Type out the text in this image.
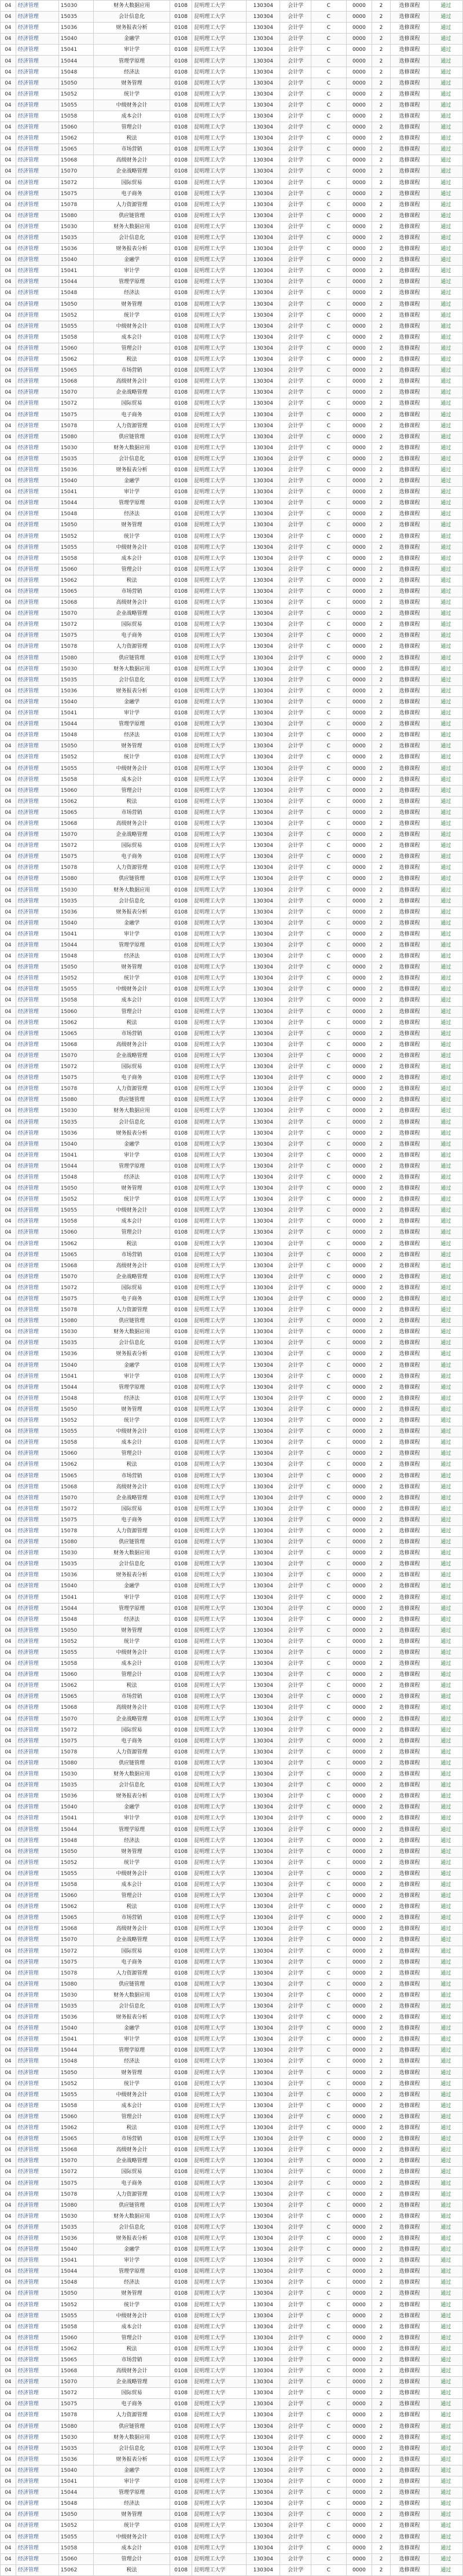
04	经济管理	15030	财务大数据应用	0108	昆明理工大学	130304	会计学	C	0000	2	选修课程	通过
04	经济管理	15035	会计信息化	0108	昆明理工大学	130304	会计学	C	0000	2	选修课程	通过
04	经济管理	15036	财务报表分析	0108	昆明理工大学	130304	会计学	C	0000	2	选修课程	通过
04	经济管理	15040	金融学	0108	昆明理工大学	130304	会计学	C	0000	2	选修课程	通过
04	经济管理	15041	审计学	0108	昆明理工大学	130304	会计学	C	0000	2	选修课程	通过
04	经济管理	15044	管理学原理	0108	昆明理工大学	130304	会计学	C	0000	2	选修课程	通过
04	经济管理	15048	经济法	0108	昆明理工大学	130304	会计学	C	0000	2	选修课程	通过
04	经济管理	15050	财务管理	0108	昆明理工大学	130304	会计学	C	0000	2	选修课程	通过
04	经济管理	15052	统计学	0108	昆明理工大学	130304	会计学	C	0000	2	选修课程	通过
04	经济管理	15055	中级财务会计	0108	昆明理工大学	130304	会计学	C	0000	2	选修课程	通过
04	经济管理	15058	成本会计	0108	昆明理工大学	130304	会计学	C	0000	2	选修课程	通过
04	经济管理	15060	管理会计	0108	昆明理工大学	130304	会计学	C	0000	2	选修课程	通过
04	经济管理	15062	税法	0108	昆明理工大学	130304	会计学	C	0000	2	选修课程	通过
04	经济管理	15065	市场营销	0108	昆明理工大学	130304	会计学	C	0000	2	选修课程	通过
04	经济管理	15068	高级财务会计	0108	昆明理工大学	130304	会计学	C	0000	2	选修课程	通过
04	经济管理	15070	企业战略管理	0108	昆明理工大学	130304	会计学	C	0000	2	选修课程	通过
04	经济管理	15072	国际贸易	0108	昆明理工大学	130304	会计学	C	0000	2	选修课程	通过
04	经济管理	15075	电子商务	0108	昆明理工大学	130304	会计学	C	0000	2	选修课程	通过
04	经济管理	15078	人力资源管理	0108	昆明理工大学	130304	会计学	C	0000	2	选修课程	通过
04	经济管理	15080	供应链管理	0108	昆明理工大学	130304	会计学	C	0000	2	选修课程	通过
04	经济管理	15030	财务大数据应用	0108	昆明理工大学	130304	会计学	C	0000	2	选修课程	通过
04	经济管理	15035	会计信息化	0108	昆明理工大学	130304	会计学	C	0000	2	选修课程	通过
04	经济管理	15036	财务报表分析	0108	昆明理工大学	130304	会计学	C	0000	2	选修课程	通过
04	经济管理	15040	金融学	0108	昆明理工大学	130304	会计学	C	0000	2	选修课程	通过
04	经济管理	15041	审计学	0108	昆明理工大学	130304	会计学	C	0000	2	选修课程	通过
04	经济管理	15044	管理学原理	0108	昆明理工大学	130304	会计学	C	0000	2	选修课程	通过
04	经济管理	15048	经济法	0108	昆明理工大学	130304	会计学	C	0000	2	选修课程	通过
04	经济管理	15050	财务管理	0108	昆明理工大学	130304	会计学	C	0000	2	选修课程	通过
04	经济管理	15052	统计学	0108	昆明理工大学	130304	会计学	C	0000	2	选修课程	通过
04	经济管理	15055	中级财务会计	0108	昆明理工大学	130304	会计学	C	0000	2	选修课程	通过
04	经济管理	15058	成本会计	0108	昆明理工大学	130304	会计学	C	0000	2	选修课程	通过
04	经济管理	15060	管理会计	0108	昆明理工大学	130304	会计学	C	0000	2	选修课程	通过
04	经济管理	15062	税法	0108	昆明理工大学	130304	会计学	C	0000	2	选修课程	通过
04	经济管理	15065	市场营销	0108	昆明理工大学	130304	会计学	C	0000	2	选修课程	通过
04	经济管理	15068	高级财务会计	0108	昆明理工大学	130304	会计学	C	0000	2	选修课程	通过
04	经济管理	15070	企业战略管理	0108	昆明理工大学	130304	会计学	C	0000	2	选修课程	通过
04	经济管理	15072	国际贸易	0108	昆明理工大学	130304	会计学	C	0000	2	选修课程	通过
04	经济管理	15075	电子商务	0108	昆明理工大学	130304	会计学	C	0000	2	选修课程	通过
04	经济管理	15078	人力资源管理	0108	昆明理工大学	130304	会计学	C	0000	2	选修课程	通过
04	经济管理	15080	供应链管理	0108	昆明理工大学	130304	会计学	C	0000	2	选修课程	通过
04	经济管理	15030	财务大数据应用	0108	昆明理工大学	130304	会计学	C	0000	2	选修课程	通过
04	经济管理	15035	会计信息化	0108	昆明理工大学	130304	会计学	C	0000	2	选修课程	通过
04	经济管理	15036	财务报表分析	0108	昆明理工大学	130304	会计学	C	0000	2	选修课程	通过
04	经济管理	15040	金融学	0108	昆明理工大学	130304	会计学	C	0000	2	选修课程	通过
04	经济管理	15041	审计学	0108	昆明理工大学	130304	会计学	C	0000	2	选修课程	通过
04	经济管理	15044	管理学原理	0108	昆明理工大学	130304	会计学	C	0000	2	选修课程	通过
04	经济管理	15048	经济法	0108	昆明理工大学	130304	会计学	C	0000	2	选修课程	通过
04	经济管理	15050	财务管理	0108	昆明理工大学	130304	会计学	C	0000	2	选修课程	通过
04	经济管理	15052	统计学	0108	昆明理工大学	130304	会计学	C	0000	2	选修课程	通过
04	经济管理	15055	中级财务会计	0108	昆明理工大学	130304	会计学	C	0000	2	选修课程	通过
04	经济管理	15058	成本会计	0108	昆明理工大学	130304	会计学	C	0000	2	选修课程	通过
04	经济管理	15060	管理会计	0108	昆明理工大学	130304	会计学	C	0000	2	选修课程	通过
04	经济管理	15062	税法	0108	昆明理工大学	130304	会计学	C	0000	2	选修课程	通过
04	经济管理	15065	市场营销	0108	昆明理工大学	130304	会计学	C	0000	2	选修课程	通过
04	经济管理	15068	高级财务会计	0108	昆明理工大学	130304	会计学	C	0000	2	选修课程	通过
04	经济管理	15070	企业战略管理	0108	昆明理工大学	130304	会计学	C	0000	2	选修课程	通过
04	经济管理	15072	国际贸易	0108	昆明理工大学	130304	会计学	C	0000	2	选修课程	通过
04	经济管理	15075	电子商务	0108	昆明理工大学	130304	会计学	C	0000	2	选修课程	通过
04	经济管理	15078	人力资源管理	0108	昆明理工大学	130304	会计学	C	0000	2	选修课程	通过
04	经济管理	15080	供应链管理	0108	昆明理工大学	130304	会计学	C	0000	2	选修课程	通过
04	经济管理	15030	财务大数据应用	0108	昆明理工大学	130304	会计学	C	0000	2	选修课程	通过
04	经济管理	15035	会计信息化	0108	昆明理工大学	130304	会计学	C	0000	2	选修课程	通过
04	经济管理	15036	财务报表分析	0108	昆明理工大学	130304	会计学	C	0000	2	选修课程	通过
04	经济管理	15040	金融学	0108	昆明理工大学	130304	会计学	C	0000	2	选修课程	通过
04	经济管理	15041	审计学	0108	昆明理工大学	130304	会计学	C	0000	2	选修课程	通过
04	经济管理	15044	管理学原理	0108	昆明理工大学	130304	会计学	C	0000	2	选修课程	通过
04	经济管理	15048	经济法	0108	昆明理工大学	130304	会计学	C	0000	2	选修课程	通过
04	经济管理	15050	财务管理	0108	昆明理工大学	130304	会计学	C	0000	2	选修课程	通过
04	经济管理	15052	统计学	0108	昆明理工大学	130304	会计学	C	0000	2	选修课程	通过
04	经济管理	15055	中级财务会计	0108	昆明理工大学	130304	会计学	C	0000	2	选修课程	通过
04	经济管理	15058	成本会计	0108	昆明理工大学	130304	会计学	C	0000	2	选修课程	通过
04	经济管理	15060	管理会计	0108	昆明理工大学	130304	会计学	C	0000	2	选修课程	通过
04	经济管理	15062	税法	0108	昆明理工大学	130304	会计学	C	0000	2	选修课程	通过
04	经济管理	15065	市场营销	0108	昆明理工大学	130304	会计学	C	0000	2	选修课程	通过
04	经济管理	15068	高级财务会计	0108	昆明理工大学	130304	会计学	C	0000	2	选修课程	通过
04	经济管理	15070	企业战略管理	0108	昆明理工大学	130304	会计学	C	0000	2	选修课程	通过
04	经济管理	15072	国际贸易	0108	昆明理工大学	130304	会计学	C	0000	2	选修课程	通过
04	经济管理	15075	电子商务	0108	昆明理工大学	130304	会计学	C	0000	2	选修课程	通过
04	经济管理	15078	人力资源管理	0108	昆明理工大学	130304	会计学	C	0000	2	选修课程	通过
04	经济管理	15080	供应链管理	0108	昆明理工大学	130304	会计学	C	0000	2	选修课程	通过
04	经济管理	15030	财务大数据应用	0108	昆明理工大学	130304	会计学	C	0000	2	选修课程	通过
04	经济管理	15035	会计信息化	0108	昆明理工大学	130304	会计学	C	0000	2	选修课程	通过
04	经济管理	15036	财务报表分析	0108	昆明理工大学	130304	会计学	C	0000	2	选修课程	通过
04	经济管理	15040	金融学	0108	昆明理工大学	130304	会计学	C	0000	2	选修课程	通过
04	经济管理	15041	审计学	0108	昆明理工大学	130304	会计学	C	0000	2	选修课程	通过
04	经济管理	15044	管理学原理	0108	昆明理工大学	130304	会计学	C	0000	2	选修课程	通过
04	经济管理	15048	经济法	0108	昆明理工大学	130304	会计学	C	0000	2	选修课程	通过
04	经济管理	15050	财务管理	0108	昆明理工大学	130304	会计学	C	0000	2	选修课程	通过
04	经济管理	15052	统计学	0108	昆明理工大学	130304	会计学	C	0000	2	选修课程	通过
04	经济管理	15055	中级财务会计	0108	昆明理工大学	130304	会计学	C	0000	2	选修课程	通过
04	经济管理	15058	成本会计	0108	昆明理工大学	130304	会计学	C	0000	2	选修课程	通过
04	经济管理	15060	管理会计	0108	昆明理工大学	130304	会计学	C	0000	2	选修课程	通过
04	经济管理	15062	税法	0108	昆明理工大学	130304	会计学	C	0000	2	选修课程	通过
04	经济管理	15065	市场营销	0108	昆明理工大学	130304	会计学	C	0000	2	选修课程	通过
04	经济管理	15068	高级财务会计	0108	昆明理工大学	130304	会计学	C	0000	2	选修课程	通过
04	经济管理	15070	企业战略管理	0108	昆明理工大学	130304	会计学	C	0000	2	选修课程	通过
04	经济管理	15072	国际贸易	0108	昆明理工大学	130304	会计学	C	0000	2	选修课程	通过
04	经济管理	15075	电子商务	0108	昆明理工大学	130304	会计学	C	0000	2	选修课程	通过
04	经济管理	15078	人力资源管理	0108	昆明理工大学	130304	会计学	C	0000	2	选修课程	通过
04	经济管理	15080	供应链管理	0108	昆明理工大学	130304	会计学	C	0000	2	选修课程	通过
04	经济管理	15030	财务大数据应用	0108	昆明理工大学	130304	会计学	C	0000	2	选修课程	通过
04	经济管理	15035	会计信息化	0108	昆明理工大学	130304	会计学	C	0000	2	选修课程	通过
04	经济管理	15036	财务报表分析	0108	昆明理工大学	130304	会计学	C	0000	2	选修课程	通过
04	经济管理	15040	金融学	0108	昆明理工大学	130304	会计学	C	0000	2	选修课程	通过
04	经济管理	15041	审计学	0108	昆明理工大学	130304	会计学	C	0000	2	选修课程	通过
04	经济管理	15044	管理学原理	0108	昆明理工大学	130304	会计学	C	0000	2	选修课程	通过
04	经济管理	15048	经济法	0108	昆明理工大学	130304	会计学	C	0000	2	选修课程	通过
04	经济管理	15050	财务管理	0108	昆明理工大学	130304	会计学	C	0000	2	选修课程	通过
04	经济管理	15052	统计学	0108	昆明理工大学	130304	会计学	C	0000	2	选修课程	通过
04	经济管理	15055	中级财务会计	0108	昆明理工大学	130304	会计学	C	0000	2	选修课程	通过
04	经济管理	15058	成本会计	0108	昆明理工大学	130304	会计学	C	0000	2	选修课程	通过
04	经济管理	15060	管理会计	0108	昆明理工大学	130304	会计学	C	0000	2	选修课程	通过
04	经济管理	15062	税法	0108	昆明理工大学	130304	会计学	C	0000	2	选修课程	通过
04	经济管理	15065	市场营销	0108	昆明理工大学	130304	会计学	C	0000	2	选修课程	通过
04	经济管理	15068	高级财务会计	0108	昆明理工大学	130304	会计学	C	0000	2	选修课程	通过
04	经济管理	15070	企业战略管理	0108	昆明理工大学	130304	会计学	C	0000	2	选修课程	通过
04	经济管理	15072	国际贸易	0108	昆明理工大学	130304	会计学	C	0000	2	选修课程	通过
04	经济管理	15075	电子商务	0108	昆明理工大学	130304	会计学	C	0000	2	选修课程	通过
04	经济管理	15078	人力资源管理	0108	昆明理工大学	130304	会计学	C	0000	2	选修课程	通过
04	经济管理	15080	供应链管理	0108	昆明理工大学	130304	会计学	C	0000	2	选修课程	通过
04	经济管理	15030	财务大数据应用	0108	昆明理工大学	130304	会计学	C	0000	2	选修课程	通过
04	经济管理	15035	会计信息化	0108	昆明理工大学	130304	会计学	C	0000	2	选修课程	通过
04	经济管理	15036	财务报表分析	0108	昆明理工大学	130304	会计学	C	0000	2	选修课程	通过
04	经济管理	15040	金融学	0108	昆明理工大学	130304	会计学	C	0000	2	选修课程	通过
04	经济管理	15041	审计学	0108	昆明理工大学	130304	会计学	C	0000	2	选修课程	通过
04	经济管理	15044	管理学原理	0108	昆明理工大学	130304	会计学	C	0000	2	选修课程	通过
04	经济管理	15048	经济法	0108	昆明理工大学	130304	会计学	C	0000	2	选修课程	通过
04	经济管理	15050	财务管理	0108	昆明理工大学	130304	会计学	C	0000	2	选修课程	通过
04	经济管理	15052	统计学	0108	昆明理工大学	130304	会计学	C	0000	2	选修课程	通过
04	经济管理	15055	中级财务会计	0108	昆明理工大学	130304	会计学	C	0000	2	选修课程	通过
04	经济管理	15058	成本会计	0108	昆明理工大学	130304	会计学	C	0000	2	选修课程	通过
04	经济管理	15060	管理会计	0108	昆明理工大学	130304	会计学	C	0000	2	选修课程	通过
04	经济管理	15062	税法	0108	昆明理工大学	130304	会计学	C	0000	2	选修课程	通过
04	经济管理	15065	市场营销	0108	昆明理工大学	130304	会计学	C	0000	2	选修课程	通过
04	经济管理	15068	高级财务会计	0108	昆明理工大学	130304	会计学	C	0000	2	选修课程	通过
04	经济管理	15070	企业战略管理	0108	昆明理工大学	130304	会计学	C	0000	2	选修课程	通过
04	经济管理	15072	国际贸易	0108	昆明理工大学	130304	会计学	C	0000	2	选修课程	通过
04	经济管理	15075	电子商务	0108	昆明理工大学	130304	会计学	C	0000	2	选修课程	通过
04	经济管理	15078	人力资源管理	0108	昆明理工大学	130304	会计学	C	0000	2	选修课程	通过
04	经济管理	15080	供应链管理	0108	昆明理工大学	130304	会计学	C	0000	2	选修课程	通过
04	经济管理	15030	财务大数据应用	0108	昆明理工大学	130304	会计学	C	0000	2	选修课程	通过
04	经济管理	15035	会计信息化	0108	昆明理工大学	130304	会计学	C	0000	2	选修课程	通过
04	经济管理	15036	财务报表分析	0108	昆明理工大学	130304	会计学	C	0000	2	选修课程	通过
04	经济管理	15040	金融学	0108	昆明理工大学	130304	会计学	C	0000	2	选修课程	通过
04	经济管理	15041	审计学	0108	昆明理工大学	130304	会计学	C	0000	2	选修课程	通过
04	经济管理	15044	管理学原理	0108	昆明理工大学	130304	会计学	C	0000	2	选修课程	通过
04	经济管理	15048	经济法	0108	昆明理工大学	130304	会计学	C	0000	2	选修课程	通过
04	经济管理	15050	财务管理	0108	昆明理工大学	130304	会计学	C	0000	2	选修课程	通过
04	经济管理	15052	统计学	0108	昆明理工大学	130304	会计学	C	0000	2	选修课程	通过
04	经济管理	15055	中级财务会计	0108	昆明理工大学	130304	会计学	C	0000	2	选修课程	通过
04	经济管理	15058	成本会计	0108	昆明理工大学	130304	会计学	C	0000	2	选修课程	通过
04	经济管理	15060	管理会计	0108	昆明理工大学	130304	会计学	C	0000	2	选修课程	通过
04	经济管理	15062	税法	0108	昆明理工大学	130304	会计学	C	0000	2	选修课程	通过
04	经济管理	15065	市场营销	0108	昆明理工大学	130304	会计学	C	0000	2	选修课程	通过
04	经济管理	15068	高级财务会计	0108	昆明理工大学	130304	会计学	C	0000	2	选修课程	通过
04	经济管理	15070	企业战略管理	0108	昆明理工大学	130304	会计学	C	0000	2	选修课程	通过
04	经济管理	15072	国际贸易	0108	昆明理工大学	130304	会计学	C	0000	2	选修课程	通过
04	经济管理	15075	电子商务	0108	昆明理工大学	130304	会计学	C	0000	2	选修课程	通过
04	经济管理	15078	人力资源管理	0108	昆明理工大学	130304	会计学	C	0000	2	选修课程	通过
04	经济管理	15080	供应链管理	0108	昆明理工大学	130304	会计学	C	0000	2	选修课程	通过
04	经济管理	15030	财务大数据应用	0108	昆明理工大学	130304	会计学	C	0000	2	选修课程	通过
04	经济管理	15035	会计信息化	0108	昆明理工大学	130304	会计学	C	0000	2	选修课程	通过
04	经济管理	15036	财务报表分析	0108	昆明理工大学	130304	会计学	C	0000	2	选修课程	通过
04	经济管理	15040	金融学	0108	昆明理工大学	130304	会计学	C	0000	2	选修课程	通过
04	经济管理	15041	审计学	0108	昆明理工大学	130304	会计学	C	0000	2	选修课程	通过
04	经济管理	15044	管理学原理	0108	昆明理工大学	130304	会计学	C	0000	2	选修课程	通过
04	经济管理	15048	经济法	0108	昆明理工大学	130304	会计学	C	0000	2	选修课程	通过
04	经济管理	15050	财务管理	0108	昆明理工大学	130304	会计学	C	0000	2	选修课程	通过
04	经济管理	15052	统计学	0108	昆明理工大学	130304	会计学	C	0000	2	选修课程	通过
04	经济管理	15055	中级财务会计	0108	昆明理工大学	130304	会计学	C	0000	2	选修课程	通过
04	经济管理	15058	成本会计	0108	昆明理工大学	130304	会计学	C	0000	2	选修课程	通过
04	经济管理	15060	管理会计	0108	昆明理工大学	130304	会计学	C	0000	2	选修课程	通过
04	经济管理	15062	税法	0108	昆明理工大学	130304	会计学	C	0000	2	选修课程	通过
04	经济管理	15065	市场营销	0108	昆明理工大学	130304	会计学	C	0000	2	选修课程	通过
04	经济管理	15068	高级财务会计	0108	昆明理工大学	130304	会计学	C	0000	2	选修课程	通过
04	经济管理	15070	企业战略管理	0108	昆明理工大学	130304	会计学	C	0000	2	选修课程	通过
04	经济管理	15072	国际贸易	0108	昆明理工大学	130304	会计学	C	0000	2	选修课程	通过
04	经济管理	15075	电子商务	0108	昆明理工大学	130304	会计学	C	0000	2	选修课程	通过
04	经济管理	15078	人力资源管理	0108	昆明理工大学	130304	会计学	C	0000	2	选修课程	通过
04	经济管理	15080	供应链管理	0108	昆明理工大学	130304	会计学	C	0000	2	选修课程	通过
04	经济管理	15030	财务大数据应用	0108	昆明理工大学	130304	会计学	C	0000	2	选修课程	通过
04	经济管理	15035	会计信息化	0108	昆明理工大学	130304	会计学	C	0000	2	选修课程	通过
04	经济管理	15036	财务报表分析	0108	昆明理工大学	130304	会计学	C	0000	2	选修课程	通过
04	经济管理	15040	金融学	0108	昆明理工大学	130304	会计学	C	0000	2	选修课程	通过
04	经济管理	15041	审计学	0108	昆明理工大学	130304	会计学	C	0000	2	选修课程	通过
04	经济管理	15044	管理学原理	0108	昆明理工大学	130304	会计学	C	0000	2	选修课程	通过
04	经济管理	15048	经济法	0108	昆明理工大学	130304	会计学	C	0000	2	选修课程	通过
04	经济管理	15050	财务管理	0108	昆明理工大学	130304	会计学	C	0000	2	选修课程	通过
04	经济管理	15052	统计学	0108	昆明理工大学	130304	会计学	C	0000	2	选修课程	通过
04	经济管理	15055	中级财务会计	0108	昆明理工大学	130304	会计学	C	0000	2	选修课程	通过
04	经济管理	15058	成本会计	0108	昆明理工大学	130304	会计学	C	0000	2	选修课程	通过
04	经济管理	15060	管理会计	0108	昆明理工大学	130304	会计学	C	0000	2	选修课程	通过
04	经济管理	15062	税法	0108	昆明理工大学	130304	会计学	C	0000	2	选修课程	通过
04	经济管理	15065	市场营销	0108	昆明理工大学	130304	会计学	C	0000	2	选修课程	通过
04	经济管理	15068	高级财务会计	0108	昆明理工大学	130304	会计学	C	0000	2	选修课程	通过
04	经济管理	15070	企业战略管理	0108	昆明理工大学	130304	会计学	C	0000	2	选修课程	通过
04	经济管理	15072	国际贸易	0108	昆明理工大学	130304	会计学	C	0000	2	选修课程	通过
04	经济管理	15075	电子商务	0108	昆明理工大学	130304	会计学	C	0000	2	选修课程	通过
04	经济管理	15078	人力资源管理	0108	昆明理工大学	130304	会计学	C	0000	2	选修课程	通过
04	经济管理	15080	供应链管理	0108	昆明理工大学	130304	会计学	C	0000	2	选修课程	通过
04	经济管理	15030	财务大数据应用	0108	昆明理工大学	130304	会计学	C	0000	2	选修课程	通过
04	经济管理	15035	会计信息化	0108	昆明理工大学	130304	会计学	C	0000	2	选修课程	通过
04	经济管理	15036	财务报表分析	0108	昆明理工大学	130304	会计学	C	0000	2	选修课程	通过
04	经济管理	15040	金融学	0108	昆明理工大学	130304	会计学	C	0000	2	选修课程	通过
04	经济管理	15041	审计学	0108	昆明理工大学	130304	会计学	C	0000	2	选修课程	通过
04	经济管理	15044	管理学原理	0108	昆明理工大学	130304	会计学	C	0000	2	选修课程	通过
04	经济管理	15048	经济法	0108	昆明理工大学	130304	会计学	C	0000	2	选修课程	通过
04	经济管理	15050	财务管理	0108	昆明理工大学	130304	会计学	C	0000	2	选修课程	通过
04	经济管理	15052	统计学	0108	昆明理工大学	130304	会计学	C	0000	2	选修课程	通过
04	经济管理	15055	中级财务会计	0108	昆明理工大学	130304	会计学	C	0000	2	选修课程	通过
04	经济管理	15058	成本会计	0108	昆明理工大学	130304	会计学	C	0000	2	选修课程	通过
04	经济管理	15060	管理会计	0108	昆明理工大学	130304	会计学	C	0000	2	选修课程	通过
04	经济管理	15062	税法	0108	昆明理工大学	130304	会计学	C	0000	2	选修课程	通过
04	经济管理	15065	市场营销	0108	昆明理工大学	130304	会计学	C	0000	2	选修课程	通过
04	经济管理	15068	高级财务会计	0108	昆明理工大学	130304	会计学	C	0000	2	选修课程	通过
04	经济管理	15070	企业战略管理	0108	昆明理工大学	130304	会计学	C	0000	2	选修课程	通过
04	经济管理	15072	国际贸易	0108	昆明理工大学	130304	会计学	C	0000	2	选修课程	通过
04	经济管理	15075	电子商务	0108	昆明理工大学	130304	会计学	C	0000	2	选修课程	通过
04	经济管理	15078	人力资源管理	0108	昆明理工大学	130304	会计学	C	0000	2	选修课程	通过
04	经济管理	15080	供应链管理	0108	昆明理工大学	130304	会计学	C	0000	2	选修课程	通过
04	经济管理	15030	财务大数据应用	0108	昆明理工大学	130304	会计学	C	0000	2	选修课程	通过
04	经济管理	15035	会计信息化	0108	昆明理工大学	130304	会计学	C	0000	2	选修课程	通过
04	经济管理	15036	财务报表分析	0108	昆明理工大学	130304	会计学	C	0000	2	选修课程	通过
04	经济管理	15040	金融学	0108	昆明理工大学	130304	会计学	C	0000	2	选修课程	通过
04	经济管理	15041	审计学	0108	昆明理工大学	130304	会计学	C	0000	2	选修课程	通过
04	经济管理	15044	管理学原理	0108	昆明理工大学	130304	会计学	C	0000	2	选修课程	通过
04	经济管理	15048	经济法	0108	昆明理工大学	130304	会计学	C	0000	2	选修课程	通过
04	经济管理	15050	财务管理	0108	昆明理工大学	130304	会计学	C	0000	2	选修课程	通过
04	经济管理	15052	统计学	0108	昆明理工大学	130304	会计学	C	0000	2	选修课程	通过
04	经济管理	15055	中级财务会计	0108	昆明理工大学	130304	会计学	C	0000	2	选修课程	通过
04	经济管理	15058	成本会计	0108	昆明理工大学	130304	会计学	C	0000	2	选修课程	通过
04	经济管理	15060	管理会计	0108	昆明理工大学	130304	会计学	C	0000	2	选修课程	通过
04	经济管理	15062	税法	0108	昆明理工大学	130304	会计学	C	0000	2	选修课程	通过
